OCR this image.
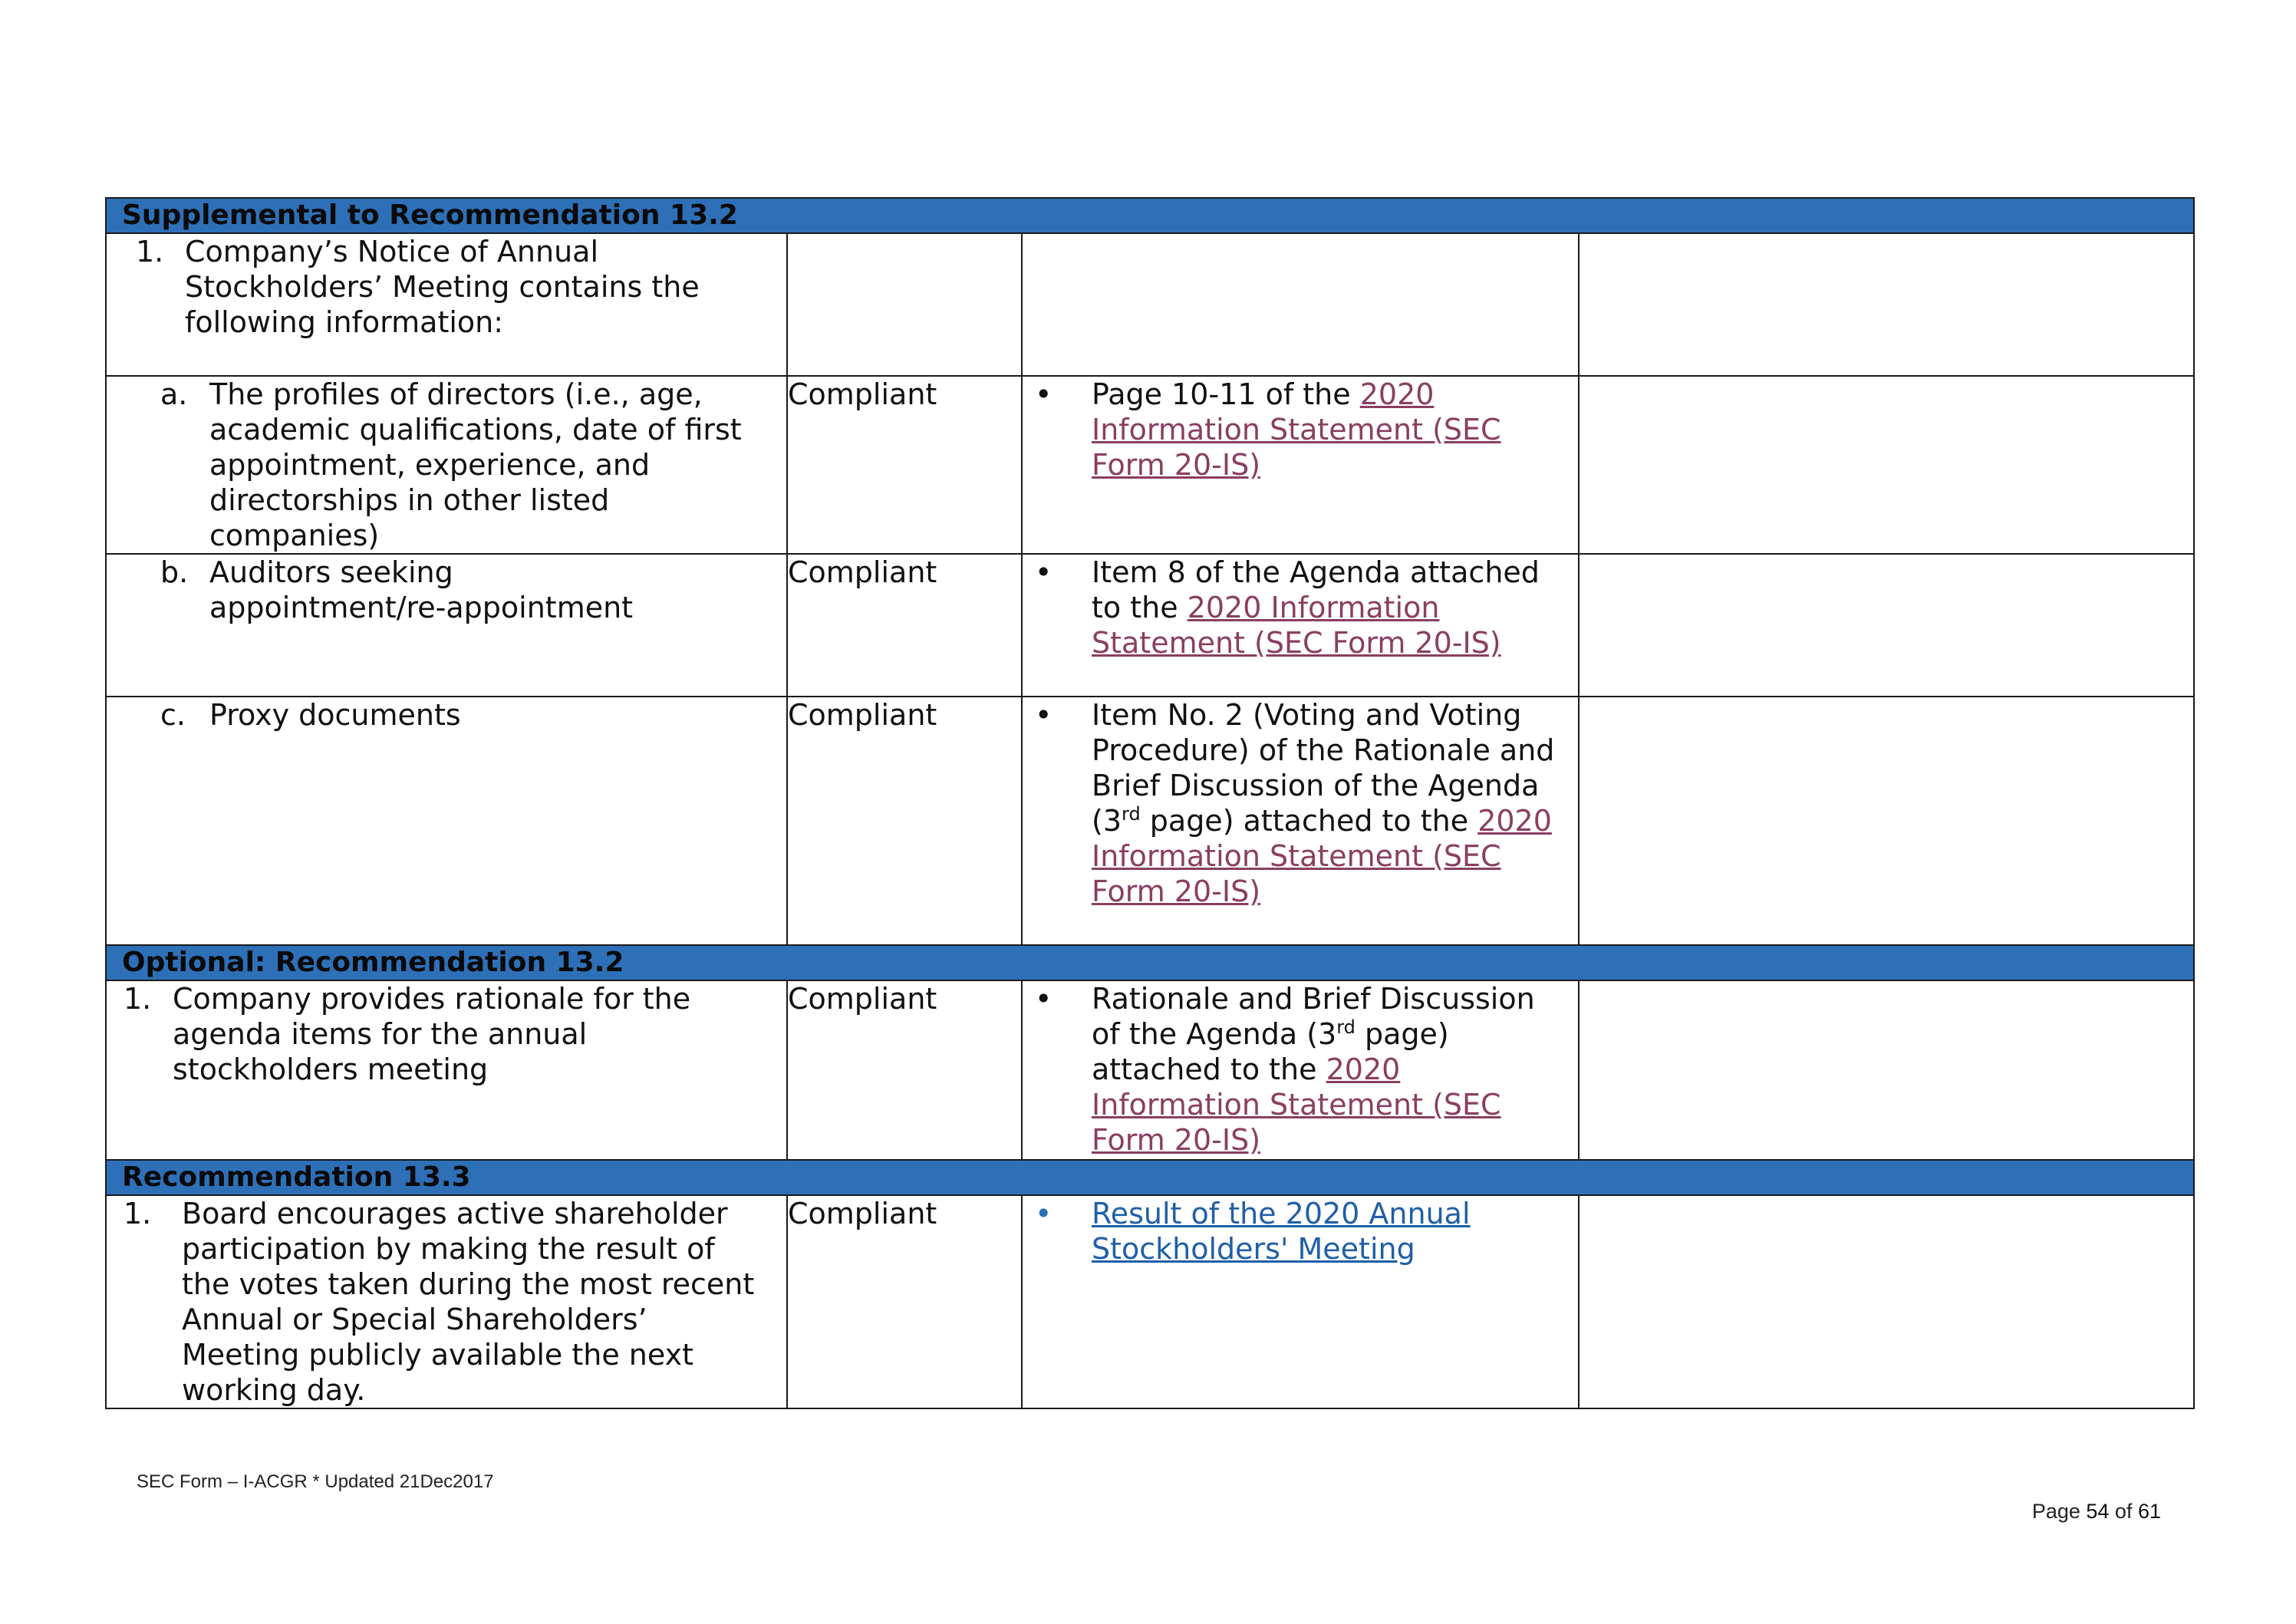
Supplemental to Recommendation 13.2			

1. Company’s Notice of Annual Stockholders’ Meeting contains the following information:			

a. The profiles of directors (i.e., age, academic qualifications, date of first appointment, experience, and directorships in other listed companies)	Compliant	• Page 10-11 of the 2020 Information Statement (SEC Form 20-IS)	

b. Auditors seeking appointment/re-appointment	Compliant	• Item 8 of the Agenda attached to the 2020 Information Statement (SEC Form 20-IS)	

c. Proxy documents	Compliant	• Item No. 2 (Voting and Voting Procedure) of the Rationale and Brief Discussion of the Agenda (3rd page) attached to the 2020 Information Statement (SEC Form 20-IS)	

Optional: Recommendation 13.2			

1. Company provides rationale for the agenda items for the annual stockholders meeting	Compliant	• Rationale and Brief Discussion of the Agenda (3rd page) attached to the 2020 Information Statement (SEC Form 20-IS)	

Recommendation 13.3			

1. Board encourages active shareholder participation by making the result of the votes taken during the most recent Annual or Special Shareholders’ Meeting publicly available the next working day.	Compliant	• Result of the 2020 Annual Stockholders' Meeting	

SEC Form – I-ACGR * Updated 21Dec2017
Page 54 of 61
